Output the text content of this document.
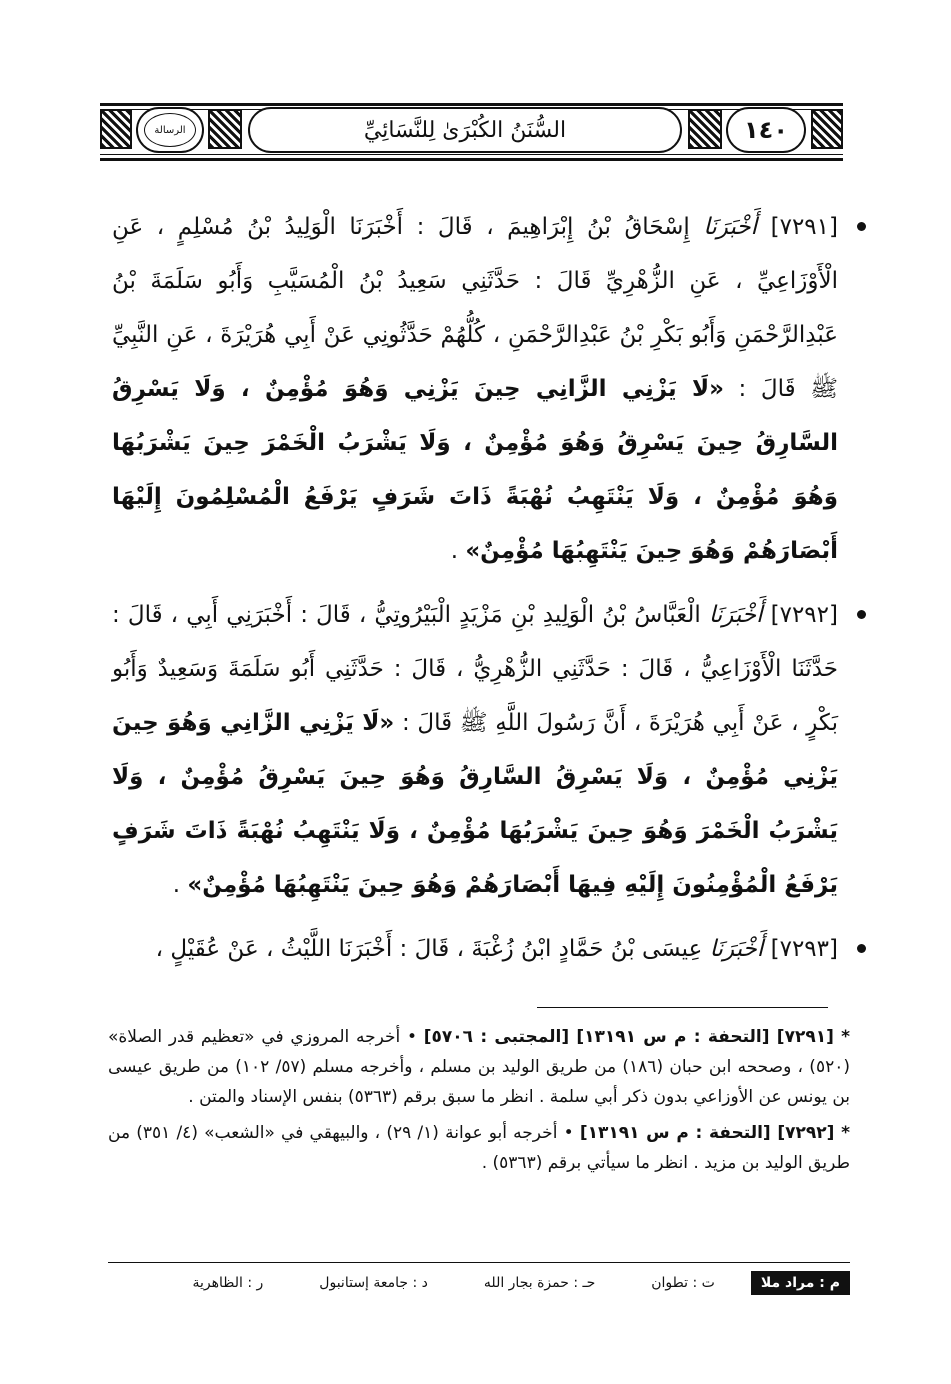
الرسالة	السُّنَنُ الكُبْرَىٰ لِلنَّسَائِيِّ	١٤٠

[٧٢٩١] أَخْبَرَنَا إِسْحَاقُ بْنُ إِبْرَاهِيمَ ، قَالَ : أَخْبَرَنَا الْوَلِيدُ بْنُ مُسْلِمٍ ، عَنِ الْأَوْزَاعِيِّ ، عَنِ الزُّهْرِيِّ قَالَ : حَدَّثَنِي سَعِيدُ بْنُ الْمُسَيَّبِ وَأَبُو سَلَمَةَ بْنُ عَبْدِالرَّحْمَنِ وَأَبُو بَكْرِ بْنُ عَبْدِالرَّحْمَنِ ، كُلُّهُمْ حَدَّثُونِي عَنْ أَبِي هُرَيْرَةَ ، عَنِ النَّبِيِّ ﷺ قَالَ : «لَا يَزْنِي الزَّانِي حِينَ يَزْنِي وَهُوَ مُؤْمِنٌ ، وَلَا يَسْرِقُ السَّارِقُ حِينَ يَسْرِقُ وَهُوَ مُؤْمِنٌ ، وَلَا يَشْرَبُ الْخَمْرَ حِينَ يَشْرَبُهَا وَهُوَ مُؤْمِنٌ ، وَلَا يَنْتَهِبُ نُهْبَةً ذَاتَ شَرَفٍ يَرْفَعُ الْمُسْلِمُونَ إِلَيْهَا أَبْصَارَهُمْ وَهُوَ حِينَ يَنْتَهِبُهَا مُؤْمِنٌ» .

[٧٢٩٢] أَخْبَرَنَا الْعَبَّاسُ بْنُ الْوَلِيدِ بْنِ مَزْيَدٍ الْبَيْرُوتِيُّ ، قَالَ : أَخْبَرَنِي أَبِي ، قَالَ : حَدَّثَنَا الْأَوْزَاعِيُّ ، قَالَ : حَدَّثَنِي الزُّهْرِيُّ ، قَالَ : حَدَّثَنِي أَبُو سَلَمَةَ وَسَعِيدٌ وَأَبُو بَكْرٍ ، عَنْ أَبِي هُرَيْرَةَ ، أَنَّ رَسُولَ اللَّهِ ﷺ قَالَ : «لَا يَزْنِي الزَّانِي وَهُوَ حِينَ يَزْنِي مُؤْمِنٌ ، وَلَا يَسْرِقُ السَّارِقُ وَهُوَ حِينَ يَسْرِقُ مُؤْمِنٌ ، وَلَا يَشْرَبُ الْخَمْرَ وَهُوَ حِينَ يَشْرَبُهَا مُؤْمِنٌ ، وَلَا يَنْتَهِبُ نُهْبَةً ذَاتَ شَرَفٍ يَرْفَعُ الْمُؤْمِنُونَ إِلَيْهِ فِيهَا أَبْصَارَهُمْ وَهُوَ حِينَ يَنْتَهِبُهَا مُؤْمِنٌ» .

[٧٢٩٣] أَخْبَرَنَا عِيسَى بْنُ حَمَّادٍ ابْنُ زُغْبَةَ ، قَالَ : أَخْبَرَنَا اللَّيْثُ ، عَنْ عُقَيْلٍ ،

* [٧٢٩١] [التحفة : م س ١٣١٩١] [المجتبى : ٥٧٠٦] • أخرجه المروزي في «تعظيم قدر الصلاة» (٥٢٠) ، وصححه ابن حبان (١٨٦) من طريق الوليد بن مسلم ، وأخرجه مسلم (٥٧/ ١٠٢) من طريق عيسى بن يونس عن الأوزاعي بدون ذكر أبي سلمة . انظر ما سبق برقم (٥٣٦٣) بنفس الإسناد والمتن .

* [٧٢٩٢] [التحفة : م س ١٣١٩١] • أخرجه أبو عوانة (١/ ٢٩) ، والبيهقي في «الشعب» (٤/ ٣٥١) من طريق الوليد بن مزيد . انظر ما سيأتي برقم (٥٣٦٣) .

م : مراد ملا
ت : تطوان
حـ : حمزة بجار الله
د : جامعة إستانبول
ر : الظاهرية
